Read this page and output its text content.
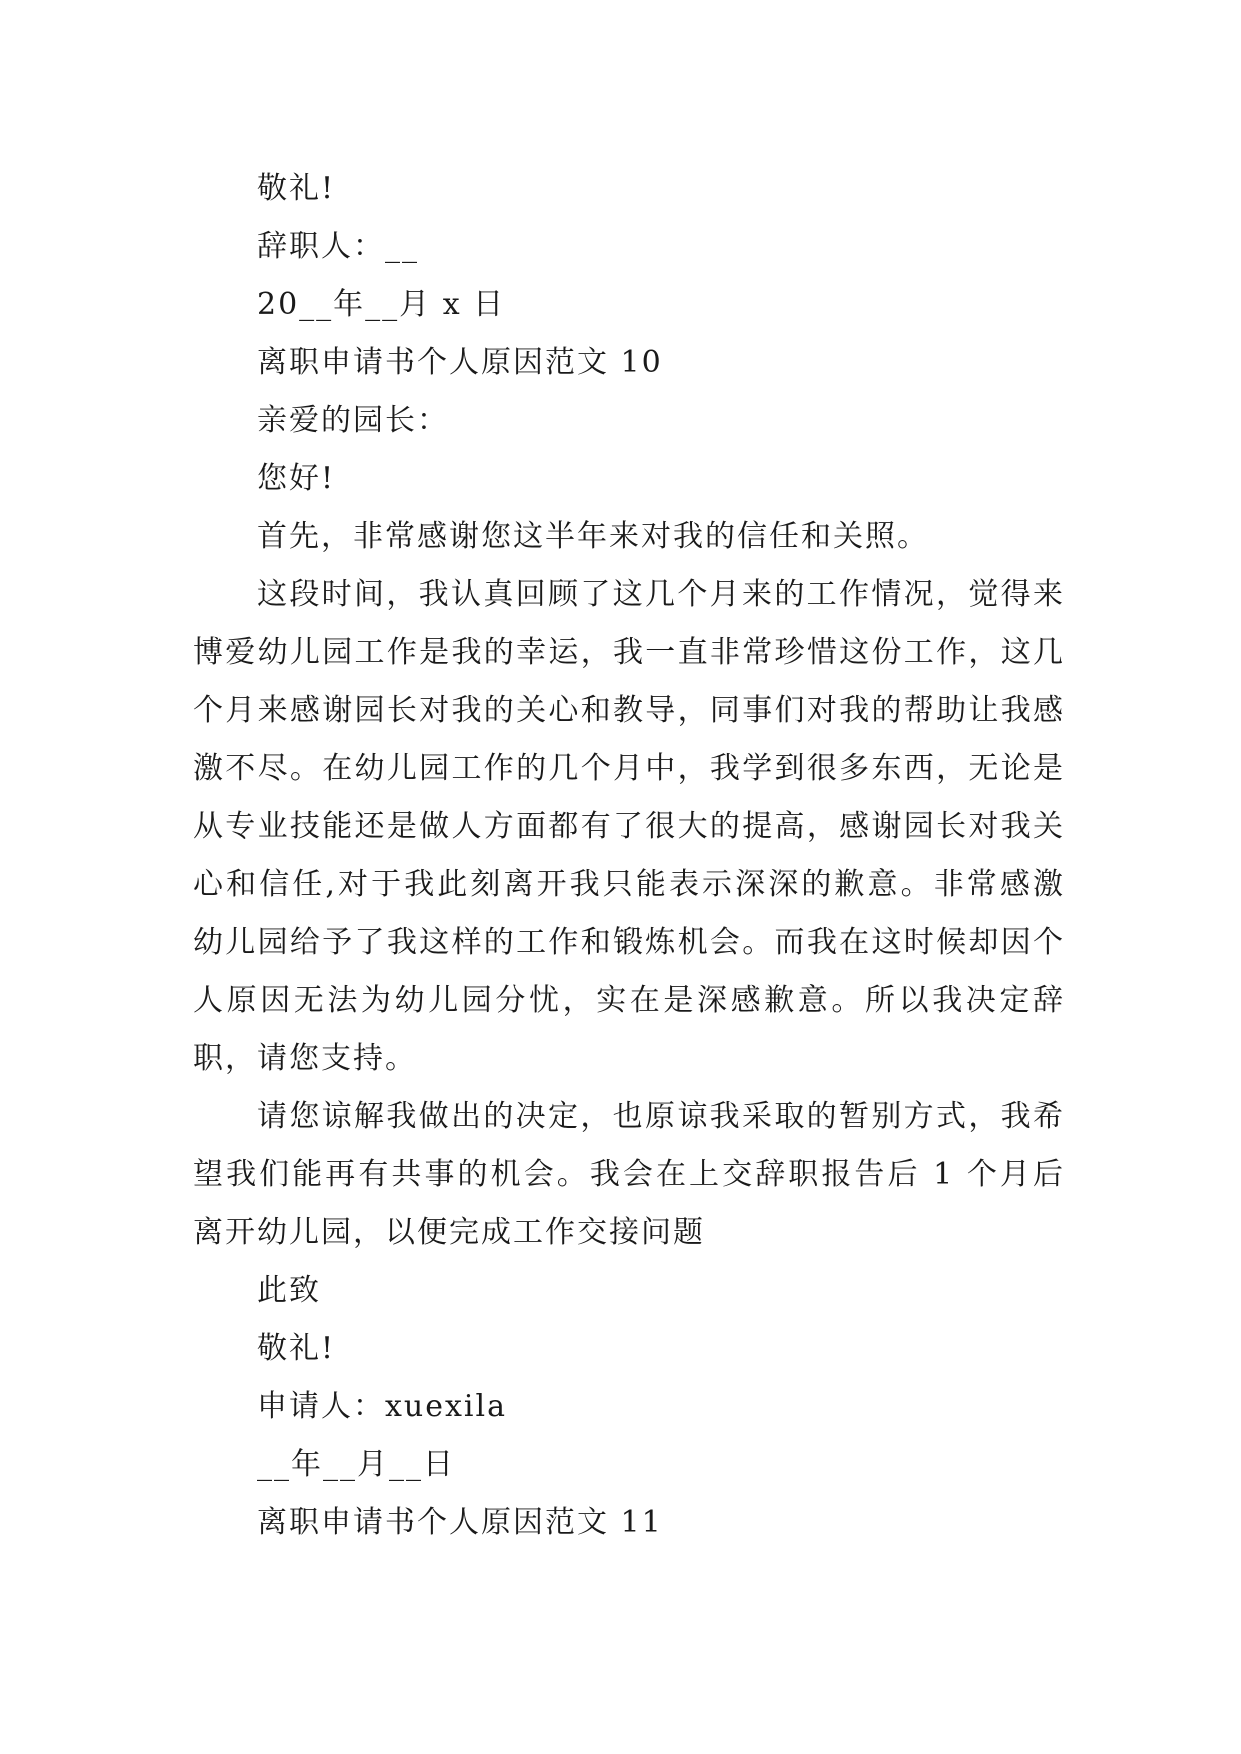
敬礼!
辞职人：__
20__年__月 x 日
离职申请书个人原因范文 10
亲爱的园长：
您好!
首先，非常感谢您这半年来对我的信任和关照。

这段时间，我认真回顾了这几个月来的工作情况，觉得来博爱幼儿园工作是我的幸运，我一直非常珍惜这份工作，这几个月来感谢园长对我的关心和教导，同事们对我的帮助让我感激不尽。在幼儿园工作的几个月中，我学到很多东西，无论是从专业技能还是做人方面都有了很大的提高，感谢园长对我关心和信任,对于我此刻离开我只能表示深深的歉意。非常感激幼儿园给予了我这样的工作和锻炼机会。而我在这时候却因个人原因无法为幼儿园分忧，实在是深感歉意。所以我决定辞职，请您支持。

请您谅解我做出的决定，也原谅我采取的暂别方式，我希望我们能再有共事的机会。我会在上交辞职报告后 1 个月后离开幼儿园，以便完成工作交接问题

此致
敬礼!
申请人：xuexila
__年__月__日
离职申请书个人原因范文 11
